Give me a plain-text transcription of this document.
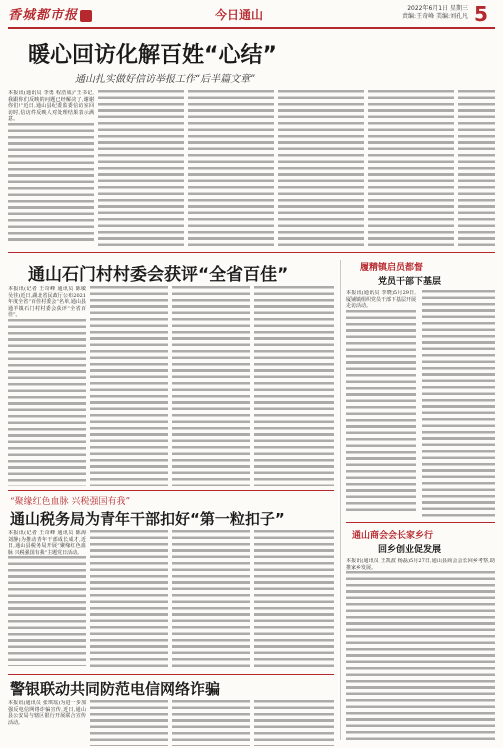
香城都市报	今日通山	2022年6月1日 星期三
责编:王奇峰 美编:刘孔凡 5
暖心回访化解百姓“心结”
通山扎实做好信访举报工作“后半篇文章”
本报讯(通讯员 李勇 程浩成)“王书记,我跟你们反映的问题已经解决了,谢谢你们!”近日,通山县纪委监委信访室回访时,信访件反映人对处理结果表示满意。
通山石门村村委会获评“全省百佳”
本报讯(记者 王奇峰 通讯员 陈敏 吴佳)近日,湖北省民政厅公布2021年度全省“百佳村委会”名单,通山县通羊镇石门村村委会获评“全省百佳”。
履精镇启员都督
党员干部下基层
本报讯(通讯员 李晓)5月29日,厦铺镇组织党员干部下基层开展走访活动。
“聚缘红色血脉 兴税强国有我”
通山税务局为青年干部扣好“第一粒扣子”
本报讯(记者 王奇峰 通讯员 陈海 刘静)为推动青年干部成长成才,近日,通山县税务局开展“聚缘红色血脉 兴税强国有我”主题党日活动。
通山商会会长家乡行
回乡创业促发展
本报讯(通讯员 王凯波 杨磊)5月27日,通山县商会会长回乡考察,助推家乡发展。
警银联动共同防范电信网络诈骗
本报讯(通讯员 张琪瑶)为进一步加强反电信网络诈骗宣传,近日,通山县公安局与辖区银行开展联合宣传活动。
